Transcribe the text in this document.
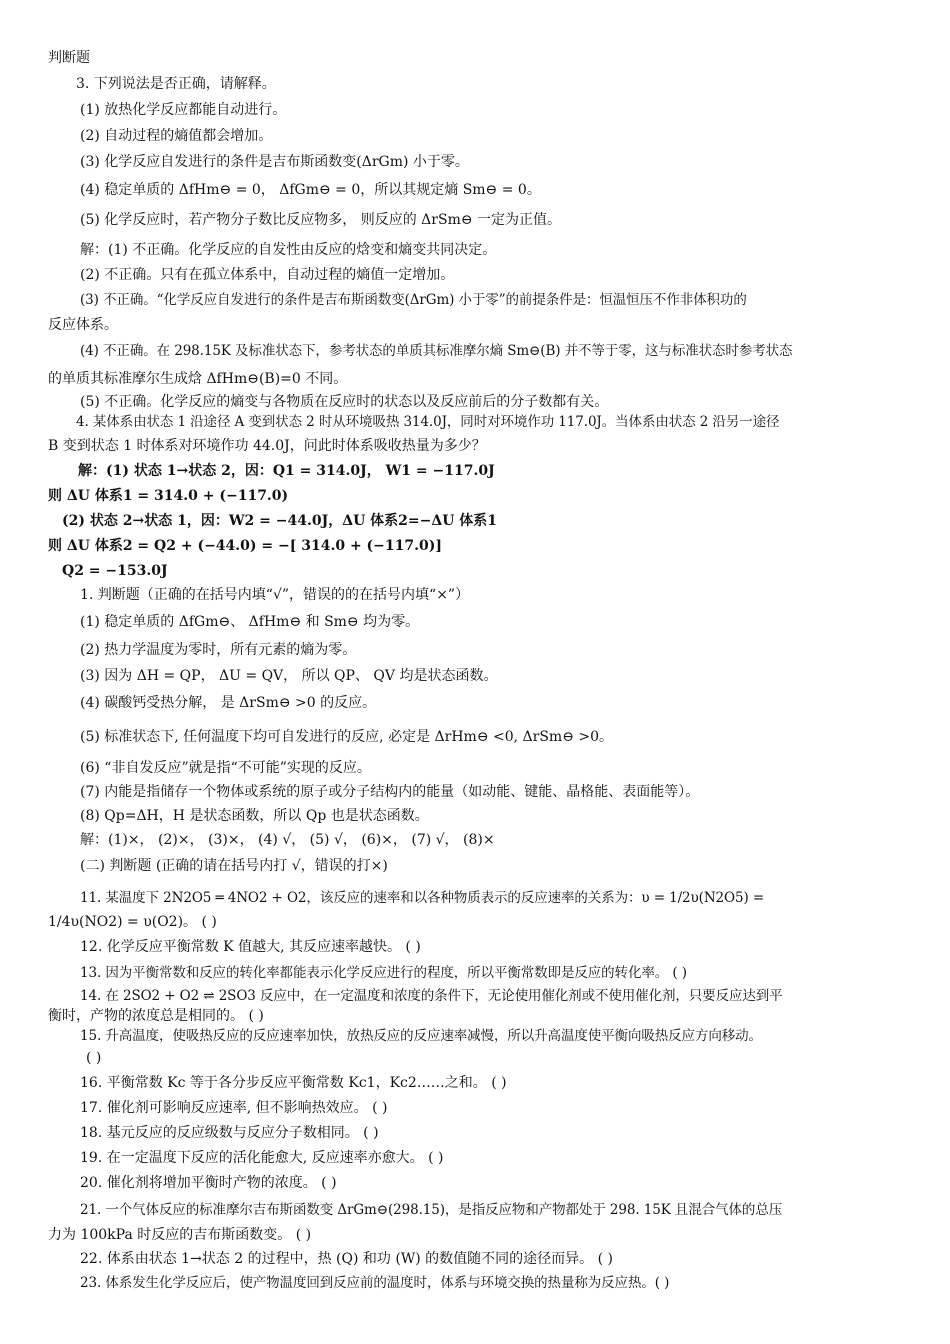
判断题
3. 下列说法是否正确，请解释。
(1) 放热化学反应都能自动进行。
(2) 自动过程的熵值都会增加。
(3) 化学反应自发进行的条件是吉布斯函数变(ΔrGm) 小于零。
(4) 稳定单质的 ΔfHm⊖ = 0， ΔfGm⊖ = 0，所以其规定熵 Sm⊖ = 0。
(5) 化学反应时，若产物分子数比反应物多， 则反应的 ΔrSm⊖ 一定为正值。
解：(1) 不正确。化学反应的自发性由反应的焓变和熵变共同决定。
(2) 不正确。只有在孤立体系中，自动过程的熵值一定增加。
(3) 不正确。“化学反应自发进行的条件是吉布斯函数变(ΔrGm) 小于零”的前提条件是：恒温恒压不作非体积功的
反应体系。
(4) 不正确。在 298.15K 及标准状态下，参考状态的单质其标准摩尔熵 Sm⊖(B) 并不等于零，这与标准状态时参考状态
的单质其标准摩尔生成焓 ΔfHm⊖(B)=0 不同。
(5) 不正确。化学反应的熵变与各物质在反应时的状态以及反应前后的分子数都有关。
4. 某体系由状态 1 沿途径 A 变到状态 2 时从环境吸热 314.0J，同时对环境作功 117.0J。当体系由状态 2 沿另一途径
B 变到状态 1 时体系对环境作功 44.0J，问此时体系吸收热量为多少？
解：(1) 状态 1→状态 2，因：Q1 = 314.0J， W1 = −117.0J
则 ΔU 体系1 = 314.0 + (−117.0)
(2) 状态 2→状态 1，因：W2 = −44.0J，ΔU 体系2=−ΔU 体系1
则 ΔU 体系2 = Q2 + (−44.0) = −[ 314.0 + (−117.0)]
Q2 = −153.0J
1. 判断题（正确的在括号内填“√”，错误的的在括号内填“×”）
(1) 稳定单质的 ΔfGm⊖、 ΔfHm⊖ 和 Sm⊖ 均为零。
(2) 热力学温度为零时，所有元素的熵为零。
(3) 因为 ΔH = QP， ΔU = QV， 所以 QP、 QV 均是状态函数。
(4) 碳酸钙受热分解， 是 ΔrSm⊖ >0 的反应。
(5) 标准状态下, 任何温度下均可自发进行的反应, 必定是 ΔrHm⊖ <0, ΔrSm⊖ >0。
(6) “非自发反应”就是指“不可能”实现的反应。
(7) 内能是指储存一个物体或系统的原子或分子结构内的能量（如动能、键能、晶格能、表面能等）。
(8) Qp=ΔH，H 是状态函数，所以 Qp 也是状态函数。
解：(1)×， (2)×， (3)×， (4) √， (5) √， (6)×， (7) √， (8)×
(二) 判断题 (正确的请在括号内打 √，错误的打×)
11. 某温度下 2N2O5 ═ 4NO2 + O2，该反应的速率和以各种物质表示的反应速率的关系为：υ = 1/2υ(N2O5) =
1/4υ(NO2) = υ(O2)。 ( )
12. 化学反应平衡常数 K 值越大, 其反应速率越快。 ( )
13. 因为平衡常数和反应的转化率都能表示化学反应进行的程度，所以平衡常数即是反应的转化率。 ( )
14. 在 2SO2 + O2 ⇌ 2SO3 反应中，在一定温度和浓度的条件下，无论使用催化剂或不使用催化剂，只要反应达到平
衡时，产物的浓度总是相同的。 ( )
15. 升高温度，使吸热反应的反应速率加快，放热反应的反应速率减慢，所以升高温度使平衡向吸热反应方向移动。
( )
16. 平衡常数 Kc 等于各分步反应平衡常数 Kc1，Kc2……之和。 ( )
17. 催化剂可影响反应速率, 但不影响热效应。 ( )
18. 基元反应的反应级数与反应分子数相同。 ( )
19. 在一定温度下反应的活化能愈大, 反应速率亦愈大。 ( )
20. 催化剂将增加平衡时产物的浓度。 ( )
21. 一个气体反应的标准摩尔吉布斯函数变 ΔrGm⊖(298.15)，是指反应物和产物都处于 298. 15K 且混合气体的总压
力为 100kPa 时反应的吉布斯函数变。 ( )
22. 体系由状态 1→状态 2 的过程中，热 (Q) 和功 (W) 的数值随不同的途径而异。 ( )
23. 体系发生化学反应后，使产物温度回到反应前的温度时，体系与环境交换的热量称为反应热。( )
